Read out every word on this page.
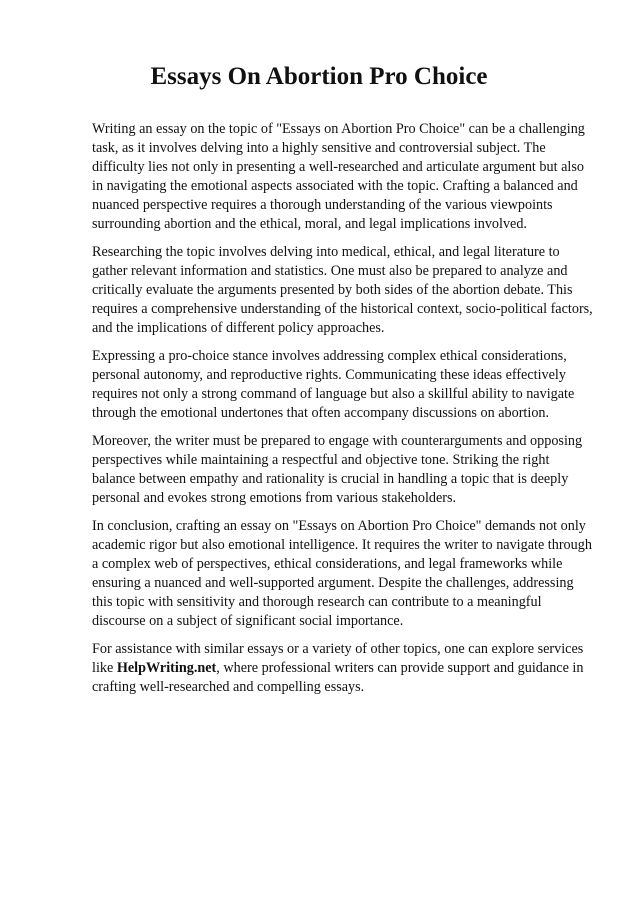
Essays On Abortion Pro Choice

Writing an essay on the topic of "Essays on Abortion Pro Choice" can be a challenging task, as it involves delving into a highly sensitive and controversial subject. The difficulty lies not only in presenting a well-researched and articulate argument but also in navigating the emotional aspects associated with the topic. Crafting a balanced and nuanced perspective requires a thorough understanding of the various viewpoints surrounding abortion and the ethical, moral, and legal implications involved.

Researching the topic involves delving into medical, ethical, and legal literature to gather relevant information and statistics. One must also be prepared to analyze and critically evaluate the arguments presented by both sides of the abortion debate. This requires a comprehensive understanding of the historical context, socio-political factors, and the implications of different policy approaches.

Expressing a pro-choice stance involves addressing complex ethical considerations, personal autonomy, and reproductive rights. Communicating these ideas effectively requires not only a strong command of language but also a skillful ability to navigate through the emotional undertones that often accompany discussions on abortion.

Moreover, the writer must be prepared to engage with counterarguments and opposing perspectives while maintaining a respectful and objective tone. Striking the right balance between empathy and rationality is crucial in handling a topic that is deeply personal and evokes strong emotions from various stakeholders.

In conclusion, crafting an essay on "Essays on Abortion Pro Choice" demands not only academic rigor but also emotional intelligence. It requires the writer to navigate through a complex web of perspectives, ethical considerations, and legal frameworks while ensuring a nuanced and well-supported argument. Despite the challenges, addressing this topic with sensitivity and thorough research can contribute to a meaningful discourse on a subject of significant social importance.

For assistance with similar essays or a variety of other topics, one can explore services like HelpWriting.net, where professional writers can provide support and guidance in crafting well-researched and compelling essays.
